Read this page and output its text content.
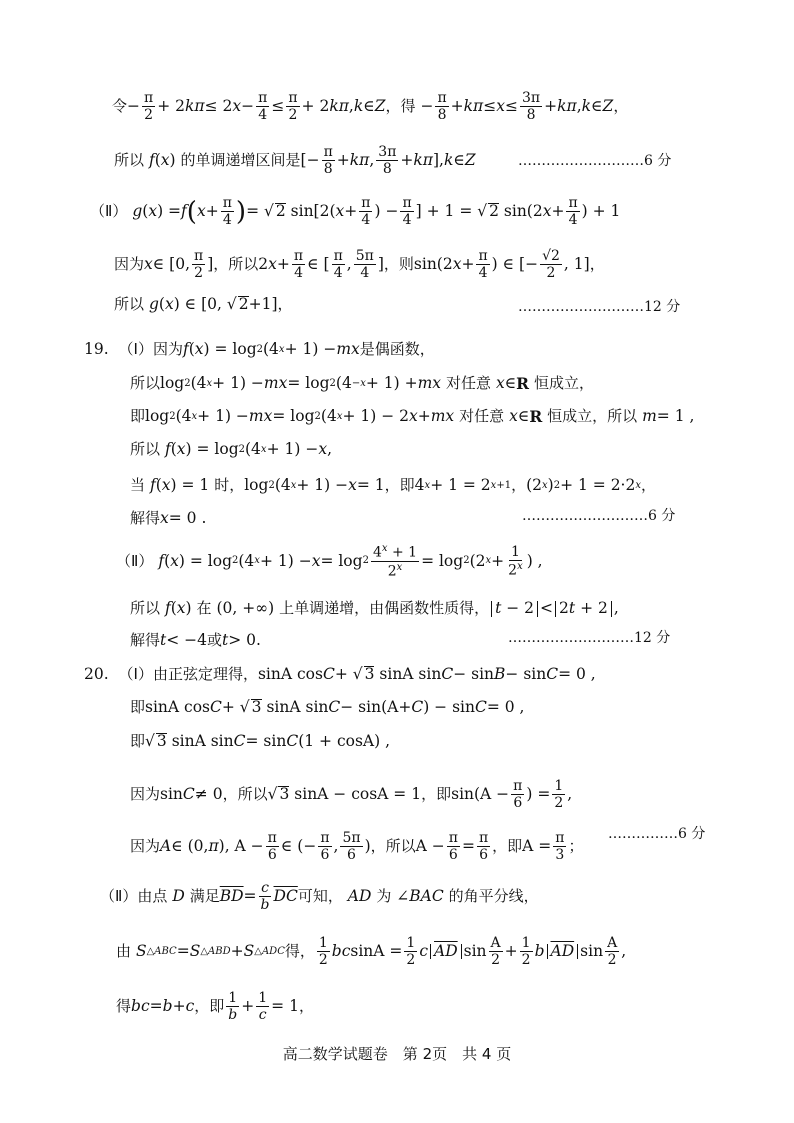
令 − $\frac{\pi}{2} + 2$ kπ ≤ 2 $x - \frac{\pi}{4} \le \frac{\pi}{2} + 2$ kπ , k ∈ Z ，得 − $\frac{\pi}{8} + k\pi \le x \le \frac{3\pi}{8} + k\pi$ , k ∈ Z ，
所以
f ( x ) 的单调递增区间是 [− $\frac{\pi}{8} + k\pi$ , $\frac{3\pi}{8} + k\pi$ ], k ∈ Z	………………………6 分
（Ⅱ）
g ( x ) = f ( $x + \frac{\pi}{4}$ ) = √ 2 sin[2( $x + \frac{\pi}{4}$ ) − $\frac{\pi}{4}$ ] + 1 = √ 2 sin(2 $x + \frac{\pi}{4}$ ) + 1
因为 x ∈ [0, $\frac{\pi}{2}$ ] ，所以 2 $x + \frac{\pi}{4}$ ∈ [ $\frac{\pi}{4}$ , $\frac{5\pi}{4}$ ] ，则 sin(2 $x + \frac{\pi}{4}$ ) ∈ [− $\frac{√2}{2}$ , 1] ，
所以
g ( x ) ∈ [0, √ 2 +1] ，	………………………12 分
19.
（Ⅰ）因为 f ( x ) = log 2 (4 x + 1) − mx 是偶函数，
所以 log 2 (4 x + 1) − mx = log 2 (4 −x + 1) + mx
对任意
x ∈ R
恒成立，
即 log 2 (4 x + 1) − mx = log 2 (4 x + 1) − 2 x + mx
对任意
x ∈ R
恒成立，所以
m = 1 ,
所以
f ( x ) = log 2 (4 x + 1) − x ,
当
f ( x ) = 1 时， log 2 (4 x + 1) − x = 1 ，即 4 x + 1 = 2 x+1 ， (2 x ) 2 + 1 = 2·2 x ，
解得 x = 0 .	………………………6 分
（Ⅱ）
f ( x ) = log 2 (4 $x + 1) - x = \log 2 \frac{4^x + 1}{2^x} = \log 2$ (2 $x + \frac{1}{2^x}$ ) ,
所以
f ( x ) 在 (0, +∞) 上单调递增，由偶函数性质得， t − 2 < 2t + 2 ,
解得 t < −4 或 t > 0 .	………………………12 分
20.
（Ⅰ）由正弦定理得， sinA cos C + √ 3 sinA sin C − sin B − sin C = 0 ,
即 sinA cos C + √ 3 sinA sin C − sin(A+ C ) − sin C = 0 ,
即 √ 3 sinA sin C = sin C (1 + cosA) ,
因为 sin C ≠ 0 ，所以 √ 3 sinA − cosA = 1 ，即 $\sin(A - \frac{\pi}{6}$ ) = $\frac{1}{2}$ ,
因为 A ∈ (0, π ), $A - \frac{\pi}{6}$ ∈ (− $\frac{\pi}{6}$ , $\frac{5\pi}{6}$ ) ，所以 $A - \frac{\pi}{6} = \frac{\pi}{6}$ ，即 $A = \frac{\pi}{3}$ ；
……………6 分
（Ⅱ）由点
D
满足 $\overline{BD} = \frac{c}{b} \overline{DC}$ 可知，
AD
为 ∠ BAC
的角平分线，
由
S △ABC = S △ABD + S △ADC 得， $\frac{1}{2}$ bc $\sin A = \frac{1}{2}$ c $\overline{AD}$ $\sin \frac{A}{2} + \frac{1}{2}$ b $\overline{AD}$ $\sin \frac{A}{2}$ ,
得 bc = b + c ，即 $\frac{1}{b} + \frac{1}{c} = 1$ ，
高二数学试题卷　第 2页　共 4 页
